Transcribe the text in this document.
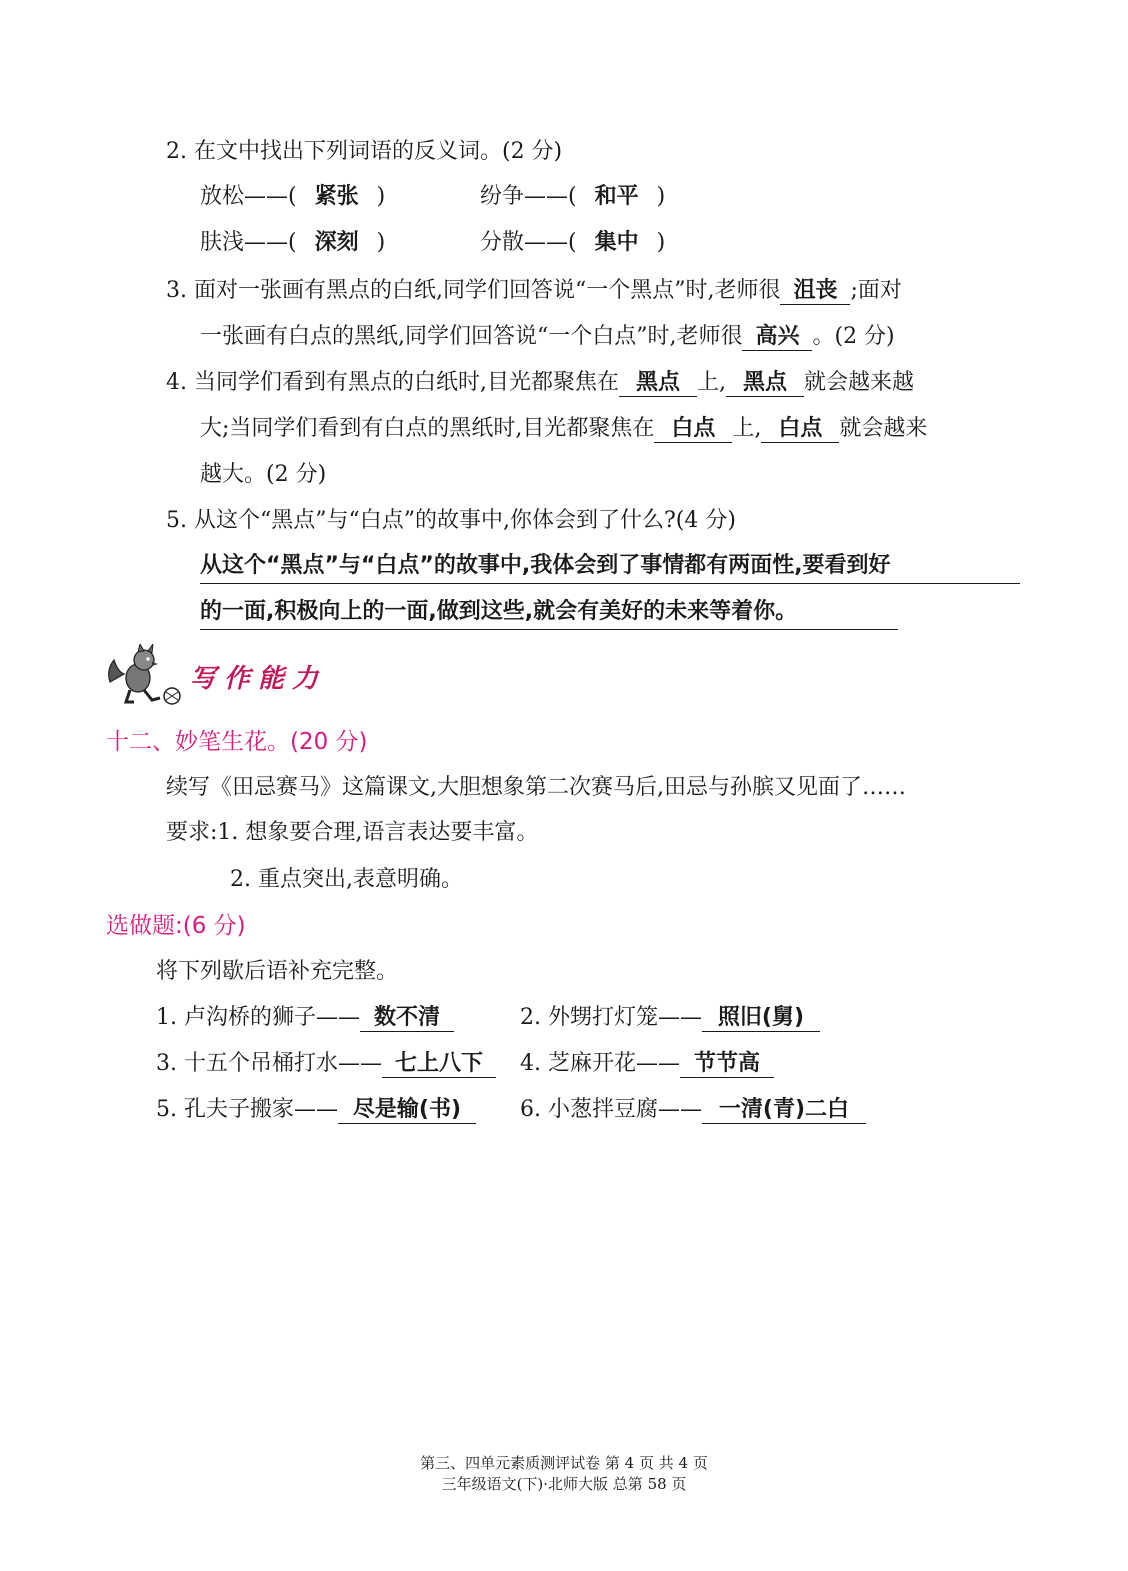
2. 在文中找出下列词语的反义词。(2 分)
放松——( 紧张 )	纷争——( 和平 )
肤浅——( 深刻 )	分散——( 集中 )
3. 面对一张画有黑点的白纸,同学们回答说“一个黑点”时,老师很 沮丧 ;面对
一张画有白点的黑纸,同学们回答说“一个白点”时,老师很 高兴 。(2 分)
4. 当同学们看到有黑点的白纸时,目光都聚焦在 黑点 上, 黑点 就会越来越
大;当同学们看到有白点的黑纸时,目光都聚焦在 白点 上, 白点 就会越来
越大。(2 分)
5. 从这个“黑点”与“白点”的故事中,你体会到了什么?(4 分)
从这个“黑点”与“白点”的故事中,我体会到了事情都有两面性,要看到好
的一面,积极向上的一面,做到这些,就会有美好的未来等着你。
写作能力
十二、妙笔生花。(20 分)
续写《田忌赛马》这篇课文,大胆想象第二次赛马后,田忌与孙膑又见面了……
要求:1. 想象要合理,语言表达要丰富。
2. 重点突出,表意明确。
选做题:(6 分)
将下列歇后语补充完整。
1. 卢沟桥的狮子—— 数不清	2. 外甥打灯笼—— 照旧(舅)
3. 十五个吊桶打水—— 七上八下	4. 芝麻开花—— 节节高
5. 孔夫子搬家—— 尽是输(书)	6. 小葱拌豆腐—— 一清(青)二白
第三、四单元素质测评试卷 第 4 页 共 4 页
三年级语文(下)·北师大版 总第 58 页
